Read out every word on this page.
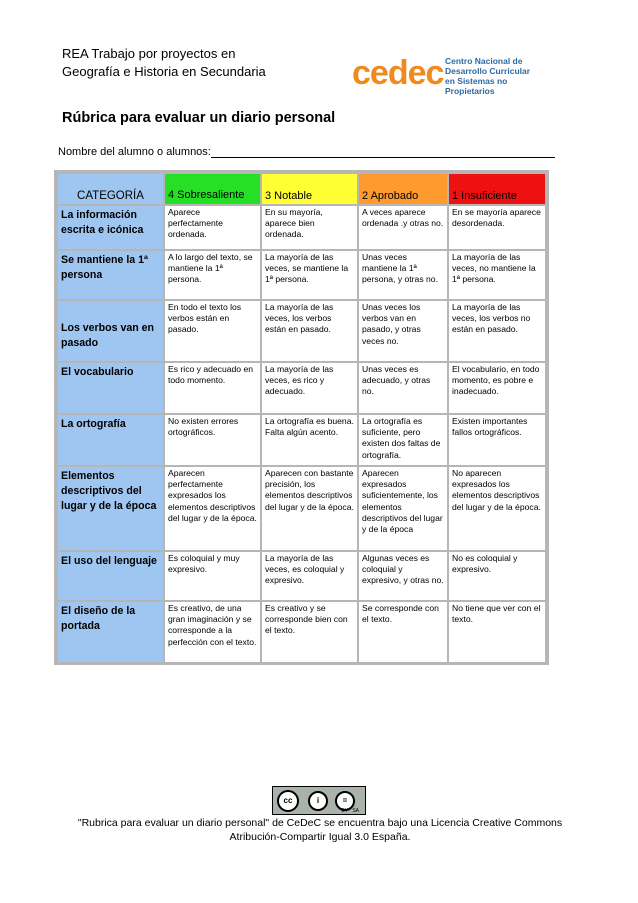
REA Trabajo por proyectos en
Geografía e Historia en Secundaria	cedec Centro Nacional de
Desarrollo Curricular
en Sistemas no Propietarios
Rúbrica para evaluar un diario personal
Nombre del alumno o alumnos:
CATEGORÍA	4 Sobresaliente	3 Notable	2 Aprobado	1 Insuficiente
La información escrita e icónica	Aparece perfectamente ordenada.	En su mayoría, aparece bien ordenada.	A veces aparece ordenada .y otras no.	En se mayoría aparece desordenada.
Se mantiene la 1ª persona	A lo largo del texto, se mantiene la 1ª persona.	La mayoría de las veces, se mantiene la 1ª persona.	Unas veces mantiene la 1ª persona, y otras no.	La mayoría de las veces, no mantiene la 1ª persona.
Los verbos van en pasado	En todo el texto los verbos están en pasado.	La mayoría de las veces, los verbos están en pasado.	Unas veces los verbos van en pasado, y otras veces no.	La mayoría de las veces, los verbos no están en pasado.
El vocabulario	Es rico y adecuado en todo momento.	La mayoría de las veces, es rico y adecuado.	Unas veces es adecuado, y otras no.	El vocabulario, en todo momento, es pobre e inadecuado.
La ortografía	No existen errores ortográficos.	La ortografía es buena. Falta algún acento.	La ortografía es suficiente, pero existen dos faltas de ortografía.	Existen importantes fallos ortográficos.
Elementos descriptivos del lugar y de la época	Aparecen perfectamente expresados los elementos descriptivos del lugar y de la época.	Aparecen con bastante precisión, los elementos descriptivos del lugar y de la época.	Aparecen expresados suficientemente, los elementos descriptivos del lugar y de la época	No aparecen expresados los elementos descriptivos del lugar y de la época.
El uso del lenguaje	Es coloquial y muy expresivo.	La mayoría de las veces, es coloquial y expresivo.	Algunas veces es coloquial y expresivo, y otras no.	No es coloquial y expresivo.
El diseño de la portada	Es creativo, de una gran imaginación y se corresponde a la perfección con el texto.	Es creativo y se corresponde bien con el texto.	Se corresponde con el texto.	No tiene que ver con el texto.
cc	i	=
BY SA
"Rubrica para evaluar un diario personal" de CeDeC se encuentra bajo una Licencia Creative Commons
Atribución-Compartir Igual 3.0 España.
